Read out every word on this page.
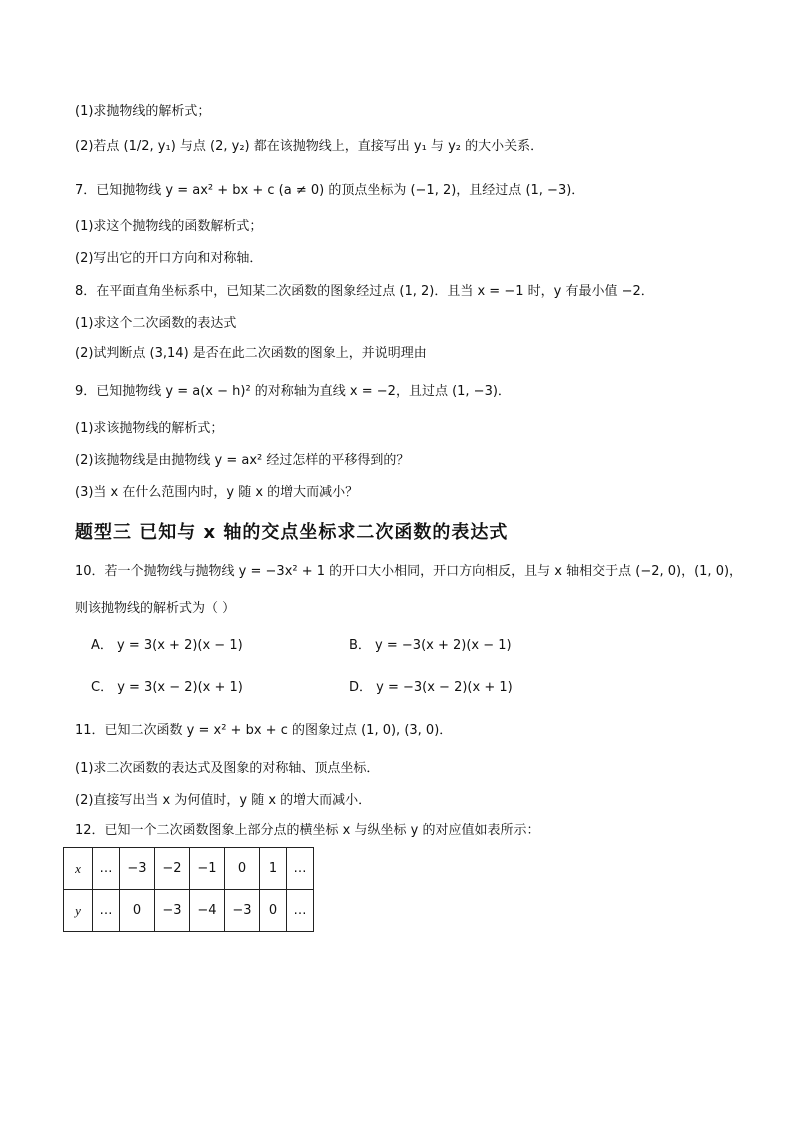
(1)求抛物线的解析式；
(2)若点 (1/2, y₁) 与点 (2, y₂) 都在该抛物线上，直接写出 y₁ 与 y₂ 的大小关系．
7．已知抛物线 y = ax² + bx + c (a ≠ 0) 的顶点坐标为 (−1, 2)，且经过点 (1, −3)．
(1)求这个抛物线的函数解析式；
(2)写出它的开口方向和对称轴．
8．在平面直角坐标系中，已知某二次函数的图象经过点 (1, 2)．且当 x = −1 时，y 有最小值 −2．
(1)求这个二次函数的表达式
(2)试判断点 (3,14) 是否在此二次函数的图象上，并说明理由
9．已知抛物线 y = a(x − h)² 的对称轴为直线 x = −2，且过点 (1, −3)．
(1)求该抛物线的解析式；
(2)该抛物线是由抛物线 y = ax² 经过怎样的平移得到的？
(3)当 x 在什么范围内时，y 随 x 的增大而减小？
题型三 已知与 x 轴的交点坐标求二次函数的表达式
10．若一个抛物线与抛物线 y = −3x² + 1 的开口大小相同，开口方向相反，且与 x 轴相交于点 (−2, 0)，(1, 0)，
则该抛物线的解析式为（ ）
A． y = 3(x + 2)(x − 1)	B． y = −3(x + 2)(x − 1)
C． y = 3(x − 2)(x + 1)	D． y = −3(x − 2)(x + 1)
11．已知二次函数 y = x² + bx + c 的图象过点 (1, 0), (3, 0)．
(1)求二次函数的表达式及图象的对称轴、顶点坐标．
(2)直接写出当 x 为何值时，y 随 x 的增大而减小．
12．已知一个二次函数图象上部分点的横坐标 x 与纵坐标 y 的对应值如表所示：
x	…	−3	−2	−1	0	1	…
y	…	0	−3	−4	−3	0	…
